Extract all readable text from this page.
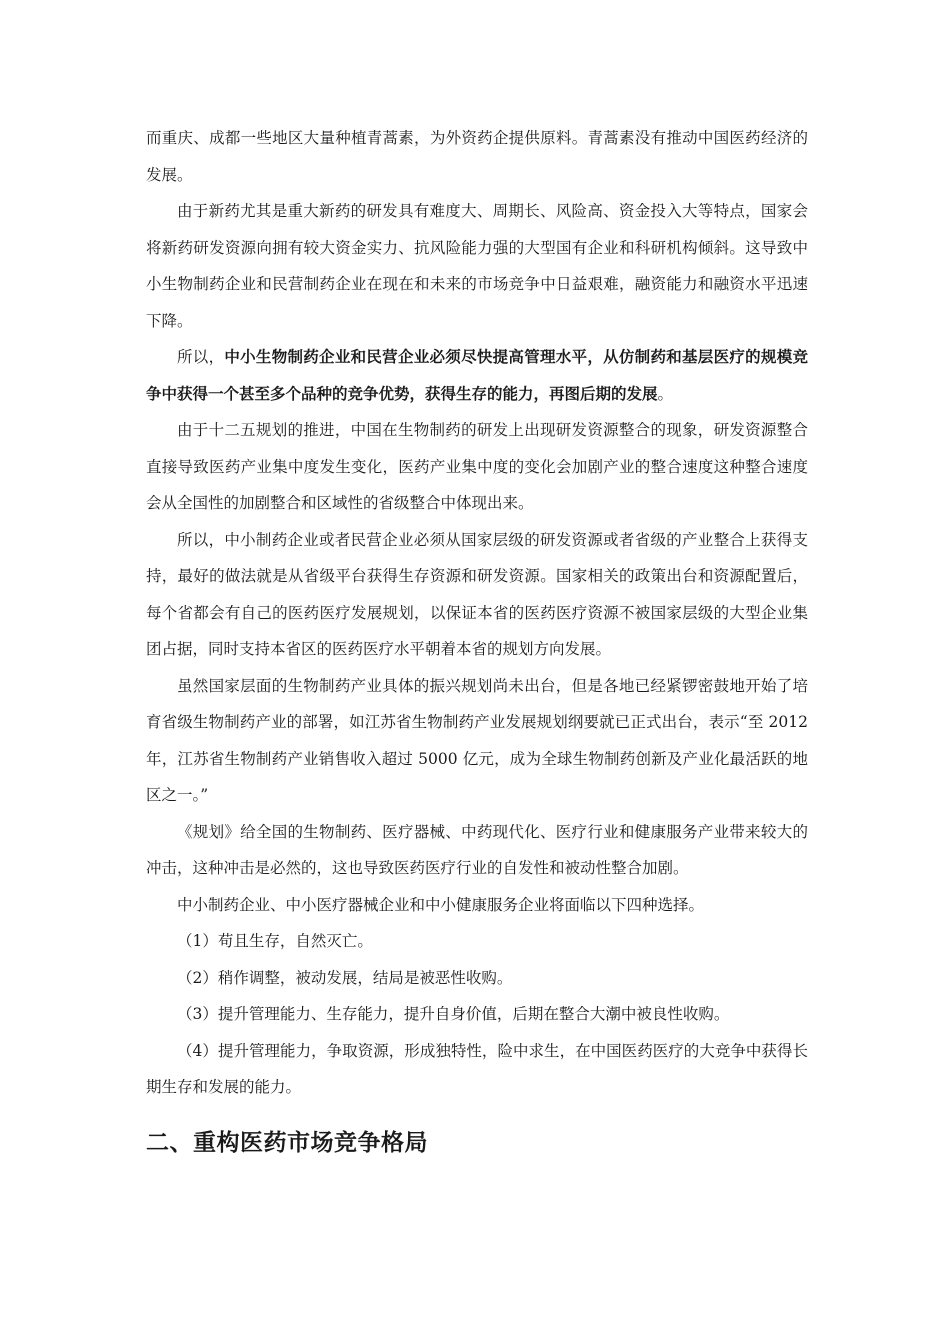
而重庆、成都一些地区大量种植青蒿素，为外资药企提供原料。青蒿素没有推动中国医药经济的发展。

由于新药尤其是重大新药的研发具有难度大、周期长、风险高、资金投入大等特点，国家会将新药研发资源向拥有较大资金实力、抗风险能力强的大型国有企业和科研机构倾斜。这导致中小生物制药企业和民营制药企业在现在和未来的市场竞争中日益艰难，融资能力和融资水平迅速下降。

所以，中小生物制药企业和民营企业必须尽快提高管理水平，从仿制药和基层医疗的规模竞争中获得一个甚至多个品种的竞争优势，获得生存的能力，再图后期的发展。

由于十二五规划的推进，中国在生物制药的研发上出现研发资源整合的现象，研发资源整合直接导致医药产业集中度发生变化，医药产业集中度的变化会加剧产业的整合速度这种整合速度会从全国性的加剧整合和区域性的省级整合中体现出来。

所以，中小制药企业或者民营企业必须从国家层级的研发资源或者省级的产业整合上获得支持，最好的做法就是从省级平台获得生存资源和研发资源。国家相关的政策出台和资源配置后，每个省都会有自己的医药医疗发展规划，以保证本省的医药医疗资源不被国家层级的大型企业集团占据，同时支持本省区的医药医疗水平朝着本省的规划方向发展。

虽然国家层面的生物制药产业具体的振兴规划尚未出台，但是各地已经紧锣密鼓地开始了培育省级生物制药产业的部署，如江苏省生物制药产业发展规划纲要就已正式出台，表示“至 2012 年，江苏省生物制药产业销售收入超过 5000 亿元，成为全球生物制药创新及产业化最活跃的地区之一。”

《规划》给全国的生物制药、医疗器械、中药现代化、医疗行业和健康服务产业带来较大的冲击，这种冲击是必然的，这也导致医药医疗行业的自发性和被动性整合加剧。

中小制药企业、中小医疗器械企业和中小健康服务企业将面临以下四种选择。

（1）苟且生存，自然灭亡。

（2）稍作调整，被动发展，结局是被恶性收购。

（3）提升管理能力、生存能力，提升自身价值，后期在整合大潮中被良性收购。

（4）提升管理能力，争取资源，形成独特性，险中求生，在中国医药医疗的大竞争中获得长期生存和发展的能力。

二、重构医药市场竞争格局
